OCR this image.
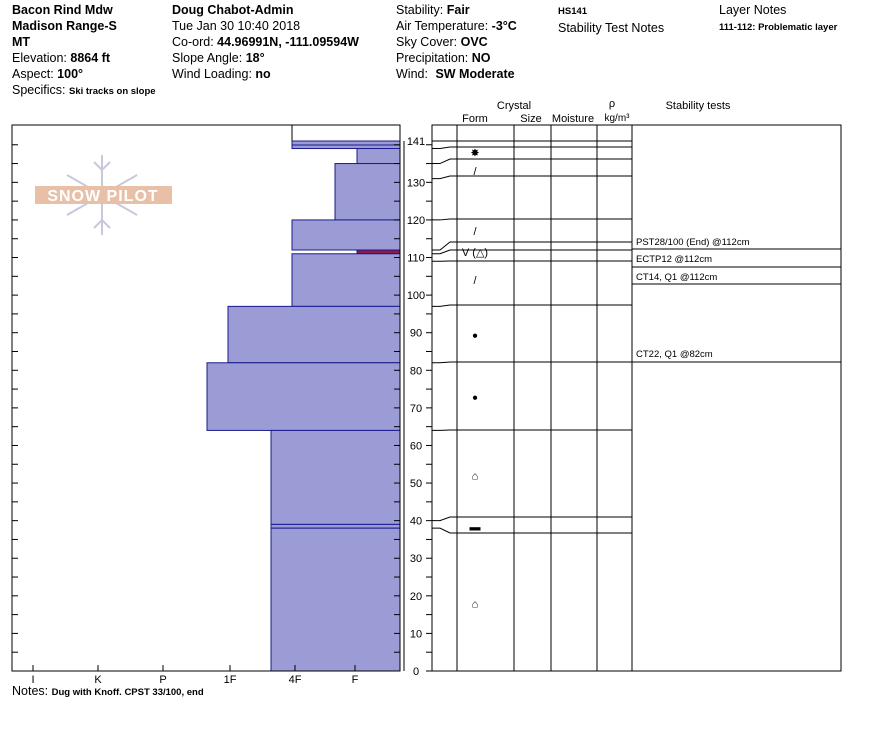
Bacon Rind Mdw
Madison Range-S
MT
Elevation: 8864 ft
Aspect: 100°
Specifics: Ski tracks on slope
Doug Chabot-Admin
Tue Jan 30 10:40 2018
Co-ord: 44.96991N, -111.09594W
Slope Angle: 18°
Wind Loading: no
Stability: Fair
Air Temperature: -3°C
Sky Cover: OVC
Precipitation: NO
Wind: SW Moderate
HS141
Stability Test Notes
Layer Notes
111-112: Problematic layer
Notes: Dug with Knoff. CPST 33/100, end
SNOW PILOT
I	K	P	1F	4F	F
0
10
20
30
40
50
60
70
80
90
100
110
120
130
141
Crystal
Form	Size Moisture
ρ
kg/m³
Stability tests
✸
/
/
V (△)
/
●
●
⌂
▬
⌂
PST28/100 (End) @112cm
ECTP12 @112cm
CT14, Q1 @112cm
CT22, Q1 @82cm
